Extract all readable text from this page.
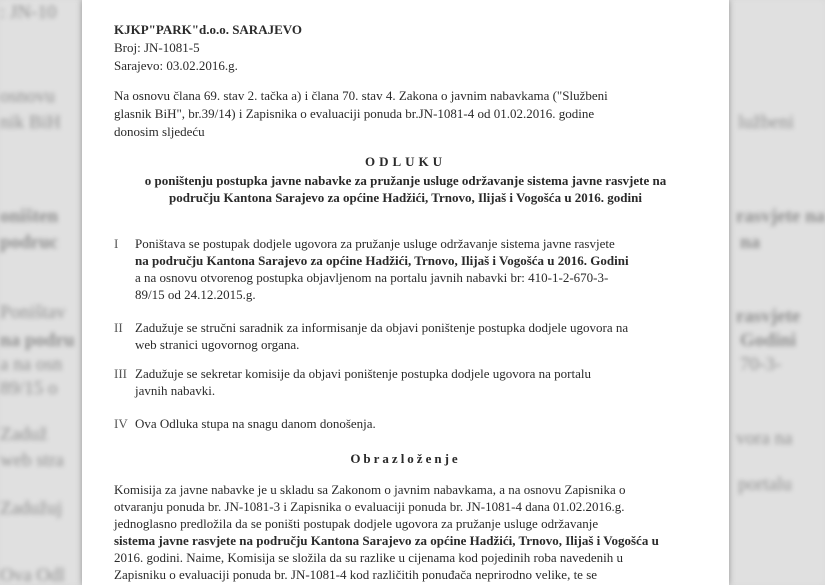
: JN-10
osnovu
nik BiH
oništen
podruc
Poništav
na podru
a na osn
89/15 o
Zaduž
web stra
Zadužuj
Ova Odl
lužbeni
rasvjete na
na
rasvjete
Godini
70-3-
vora na
portalu
KJKP"PARK"d.o.o. SARAJEVO
Broj: JN-1081-5
Sarajevo: 03.02.2016.g.
Na osnovu člana 69. stav 2. tačka a) i člana 70. stav 4. Zakona o javnim nabavkama ("Službeni
glasnik BiH", br.39/14) i Zapisnika o evaluaciji ponuda br.JN-1081-4 od 01.02.2016. godine
donosim sljedeću
ODLUKU
o poništenju postupka javne nabavke za pružanje usluge održavanje sistema javne rasvjete na
području Kantona Sarajevo za općine Hadžići, Trnovo, Ilijaš i Vogošća u 2016. godini
I Poništava se postupak dodjele ugovora za pružanje usluge održavanje sistema javne rasvjete
na području Kantona Sarajevo za općine Hadžići, Trnovo, Ilijaš i Vogošća u 2016. Godini
a na osnovu otvorenog postupka objavljenom na portalu javnih nabavki br: 410-1-2-670-3-
89/15 od 24.12.2015.g.
II Zadužuje se stručni saradnik za informisanje da objavi poništenje postupka dodjele ugovora na
web stranici ugovornog organa.
III Zadužuje se sekretar komisije da objavi poništenje postupka dodjele ugovora na portalu
javnih nabavki.
IV Ova Odluka stupa na snagu danom donošenja.
Obrazloženje
Komisija za javne nabavke je u skladu sa Zakonom o javnim nabavkama, a na osnovu Zapisnika o
otvaranju ponuda br. JN-1081-3 i Zapisnika o evaluaciji ponuda br. JN-1081-4 dana 01.02.2016.g.
jednoglasno predložila da se poništi postupak dodjele ugovora za pružanje usluge održavanje
sistema javne rasvjete na području Kantona Sarajevo za općine Hadžići, Trnovo, Ilijaš i Vogošća u
2016. godini. Naime, Komisija se složila da su razlike u cijenama kod pojedinih roba navedenih u
Zapisniku o evaluaciji ponuda br. JN-1081-4 kod različitih ponuđača neprirodno velike, te se
